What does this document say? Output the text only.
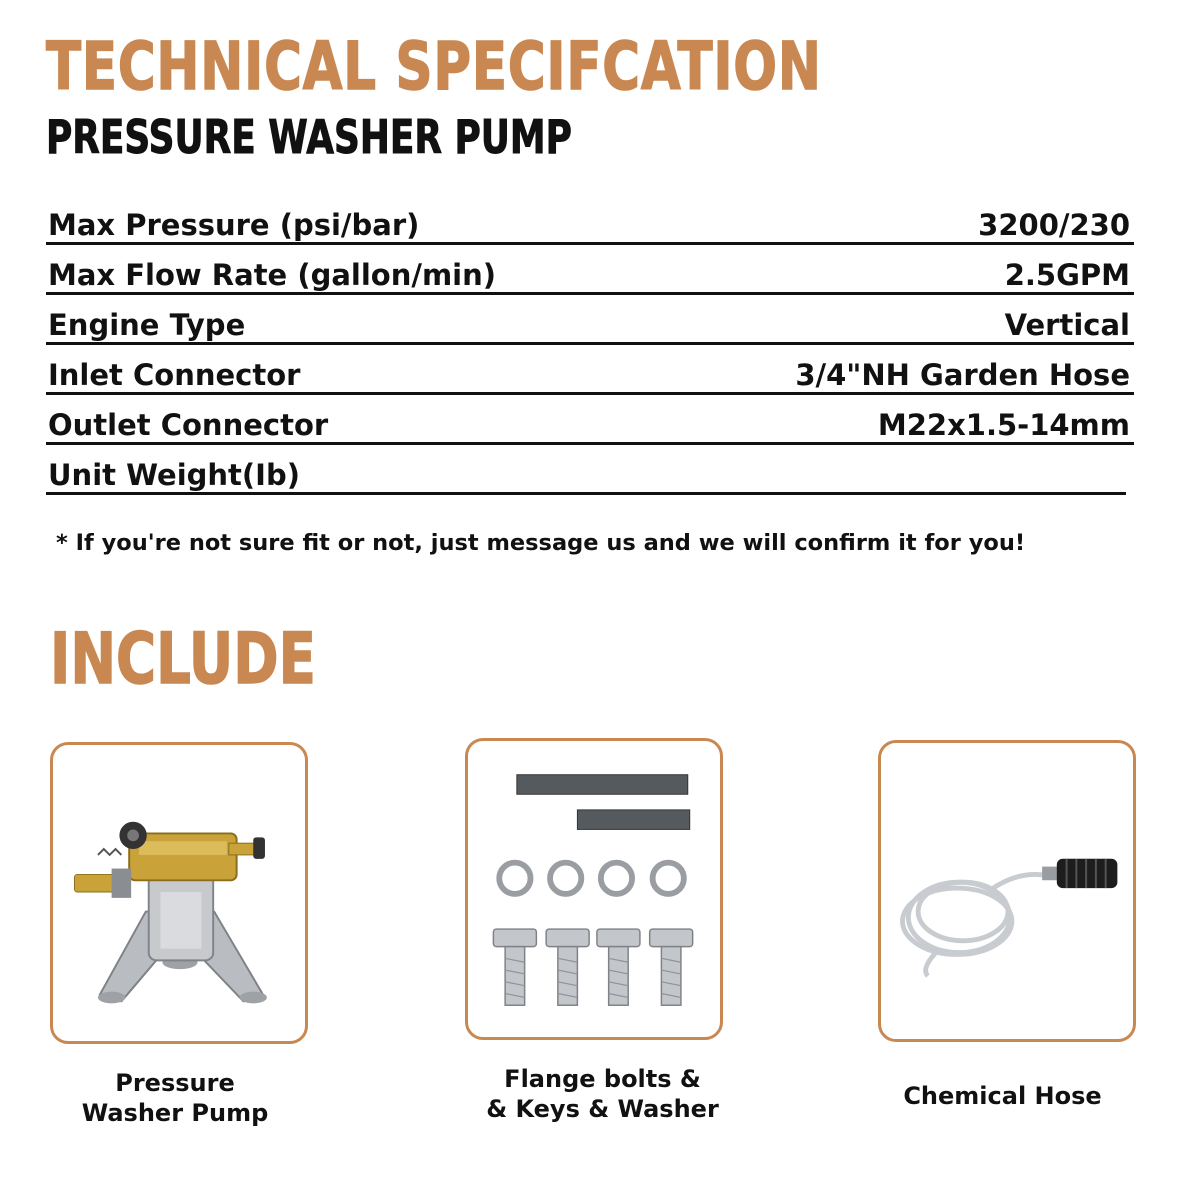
TECHNICAL SPECIFCATION
PRESSURE WASHER PUMP
Max Pressure (psi/bar)	3200/230
Max Flow Rate (gallon/min)	2.5GPM
Engine Type	Vertical
Inlet Connector	3/4"NH Garden Hose
Outlet Connector	M22x1.5-14mm
Unit Weight(Ib)

* If you're not sure fit or not, just message us and we will confirm it for you!

INCLUDE

Pressure
Washer Pump

Flange bolts &
& Keys & Washer	Chemical Hose
